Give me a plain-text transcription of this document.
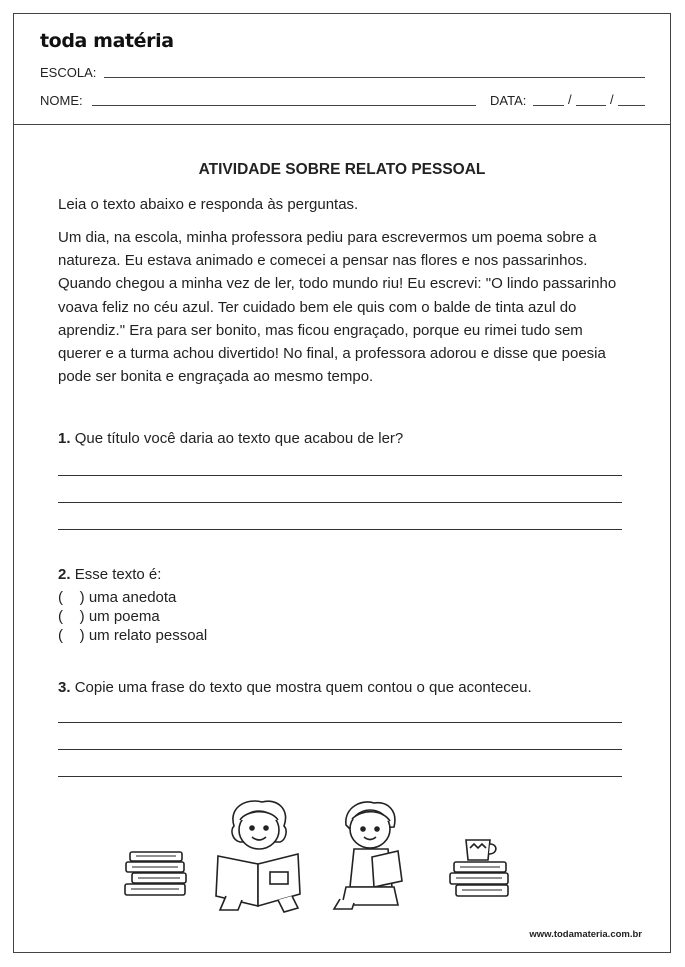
toda matéria
ESCOLA:
NOME:	DATA:	/	/
ATIVIDADE SOBRE RELATO PESSOAL

Leia o texto abaixo e responda às perguntas.

Um dia, na escola, minha professora pediu para escrevermos um poema sobre a natureza. Eu estava animado e comecei a pensar nas flores e nos passarinhos. Quando chegou a minha vez de ler, todo mundo riu! Eu escrevi: "O lindo passarinho voava feliz no céu azul. Ter cuidado bem ele quis com o balde de tinta azul do aprendiz." Era para ser bonito, mas ficou engraçado, porque eu rimei tudo sem querer e a turma achou divertido! No final, a professora adorou e disse que poesia pode ser bonita e engraçada ao mesmo tempo.

1. Que título você daria ao texto que acabou de ler?
2. Esse texto é:
(    ) uma anedota
(    ) um poema
(    ) um relato pessoal
3. Copie uma frase do texto que mostra quem contou o que aconteceu.
www.todamateria.com.br
